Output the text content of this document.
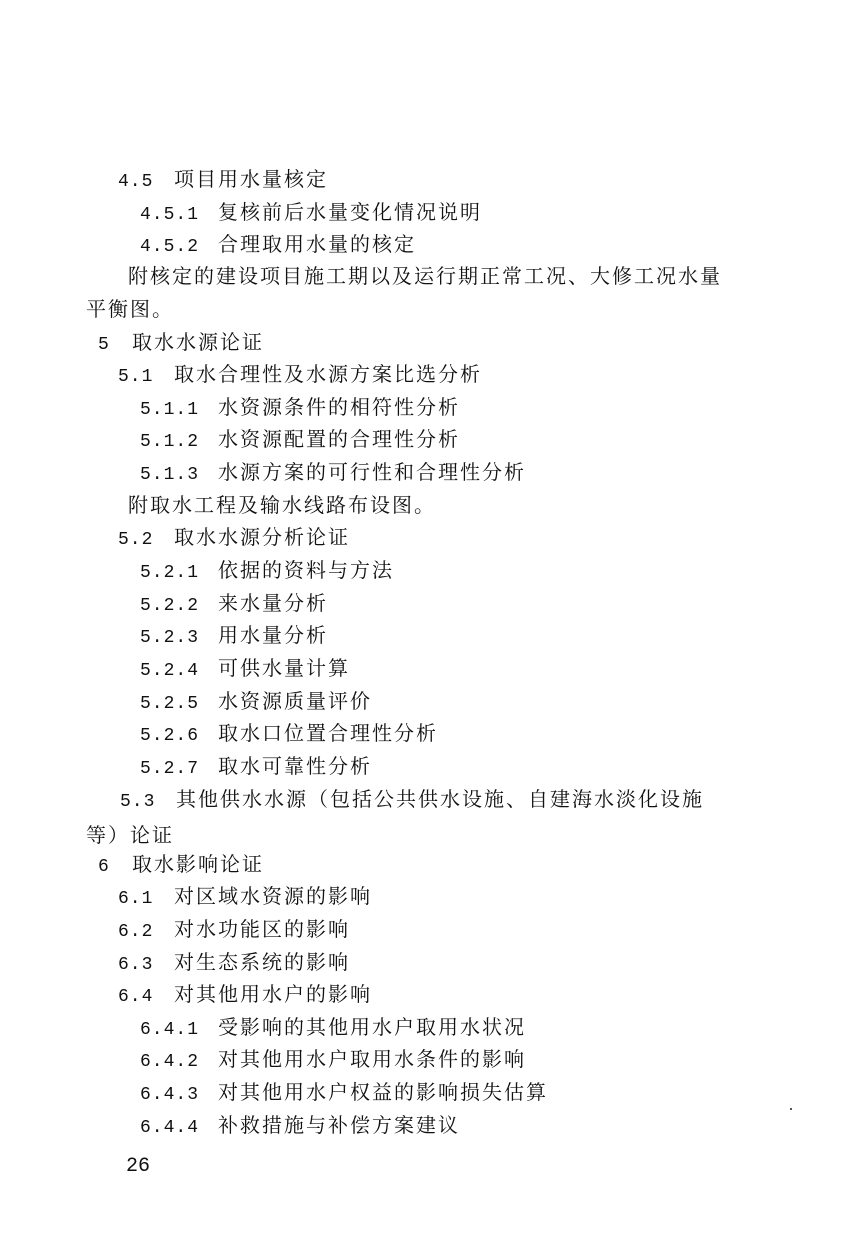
4.5 项目用水量核定
4.5.1 复核前后水量变化情况说明
4.5.2 合理取用水量的核定
附核定的建设项目施工期以及运行期正常工况、大修工况水量平衡图。
5 取水水源论证
5.1 取水合理性及水源方案比选分析
5.1.1 水资源条件的相符性分析
5.1.2 水资源配置的合理性分析
5.1.3 水源方案的可行性和合理性分析
附取水工程及输水线路布设图。
5.2 取水水源分析论证
5.2.1 依据的资料与方法
5.2.2 来水量分析
5.2.3 用水量分析
5.2.4 可供水量计算
5.2.5 水资源质量评价
5.2.6 取水口位置合理性分析
5.2.7 取水可靠性分析
5.3 其他供水水源（包括公共供水设施、自建海水淡化设施等）论证
6 取水影响论证
6.1 对区域水资源的影响
6.2 对水功能区的影响
6.3 对生态系统的影响
6.4 对其他用水户的影响
6.4.1 受影响的其他用水户取用水状况
6.4.2 对其他用水户取用水条件的影响
6.4.3 对其他用水户权益的影响损失估算
6.4.4 补救措施与补偿方案建议
26
